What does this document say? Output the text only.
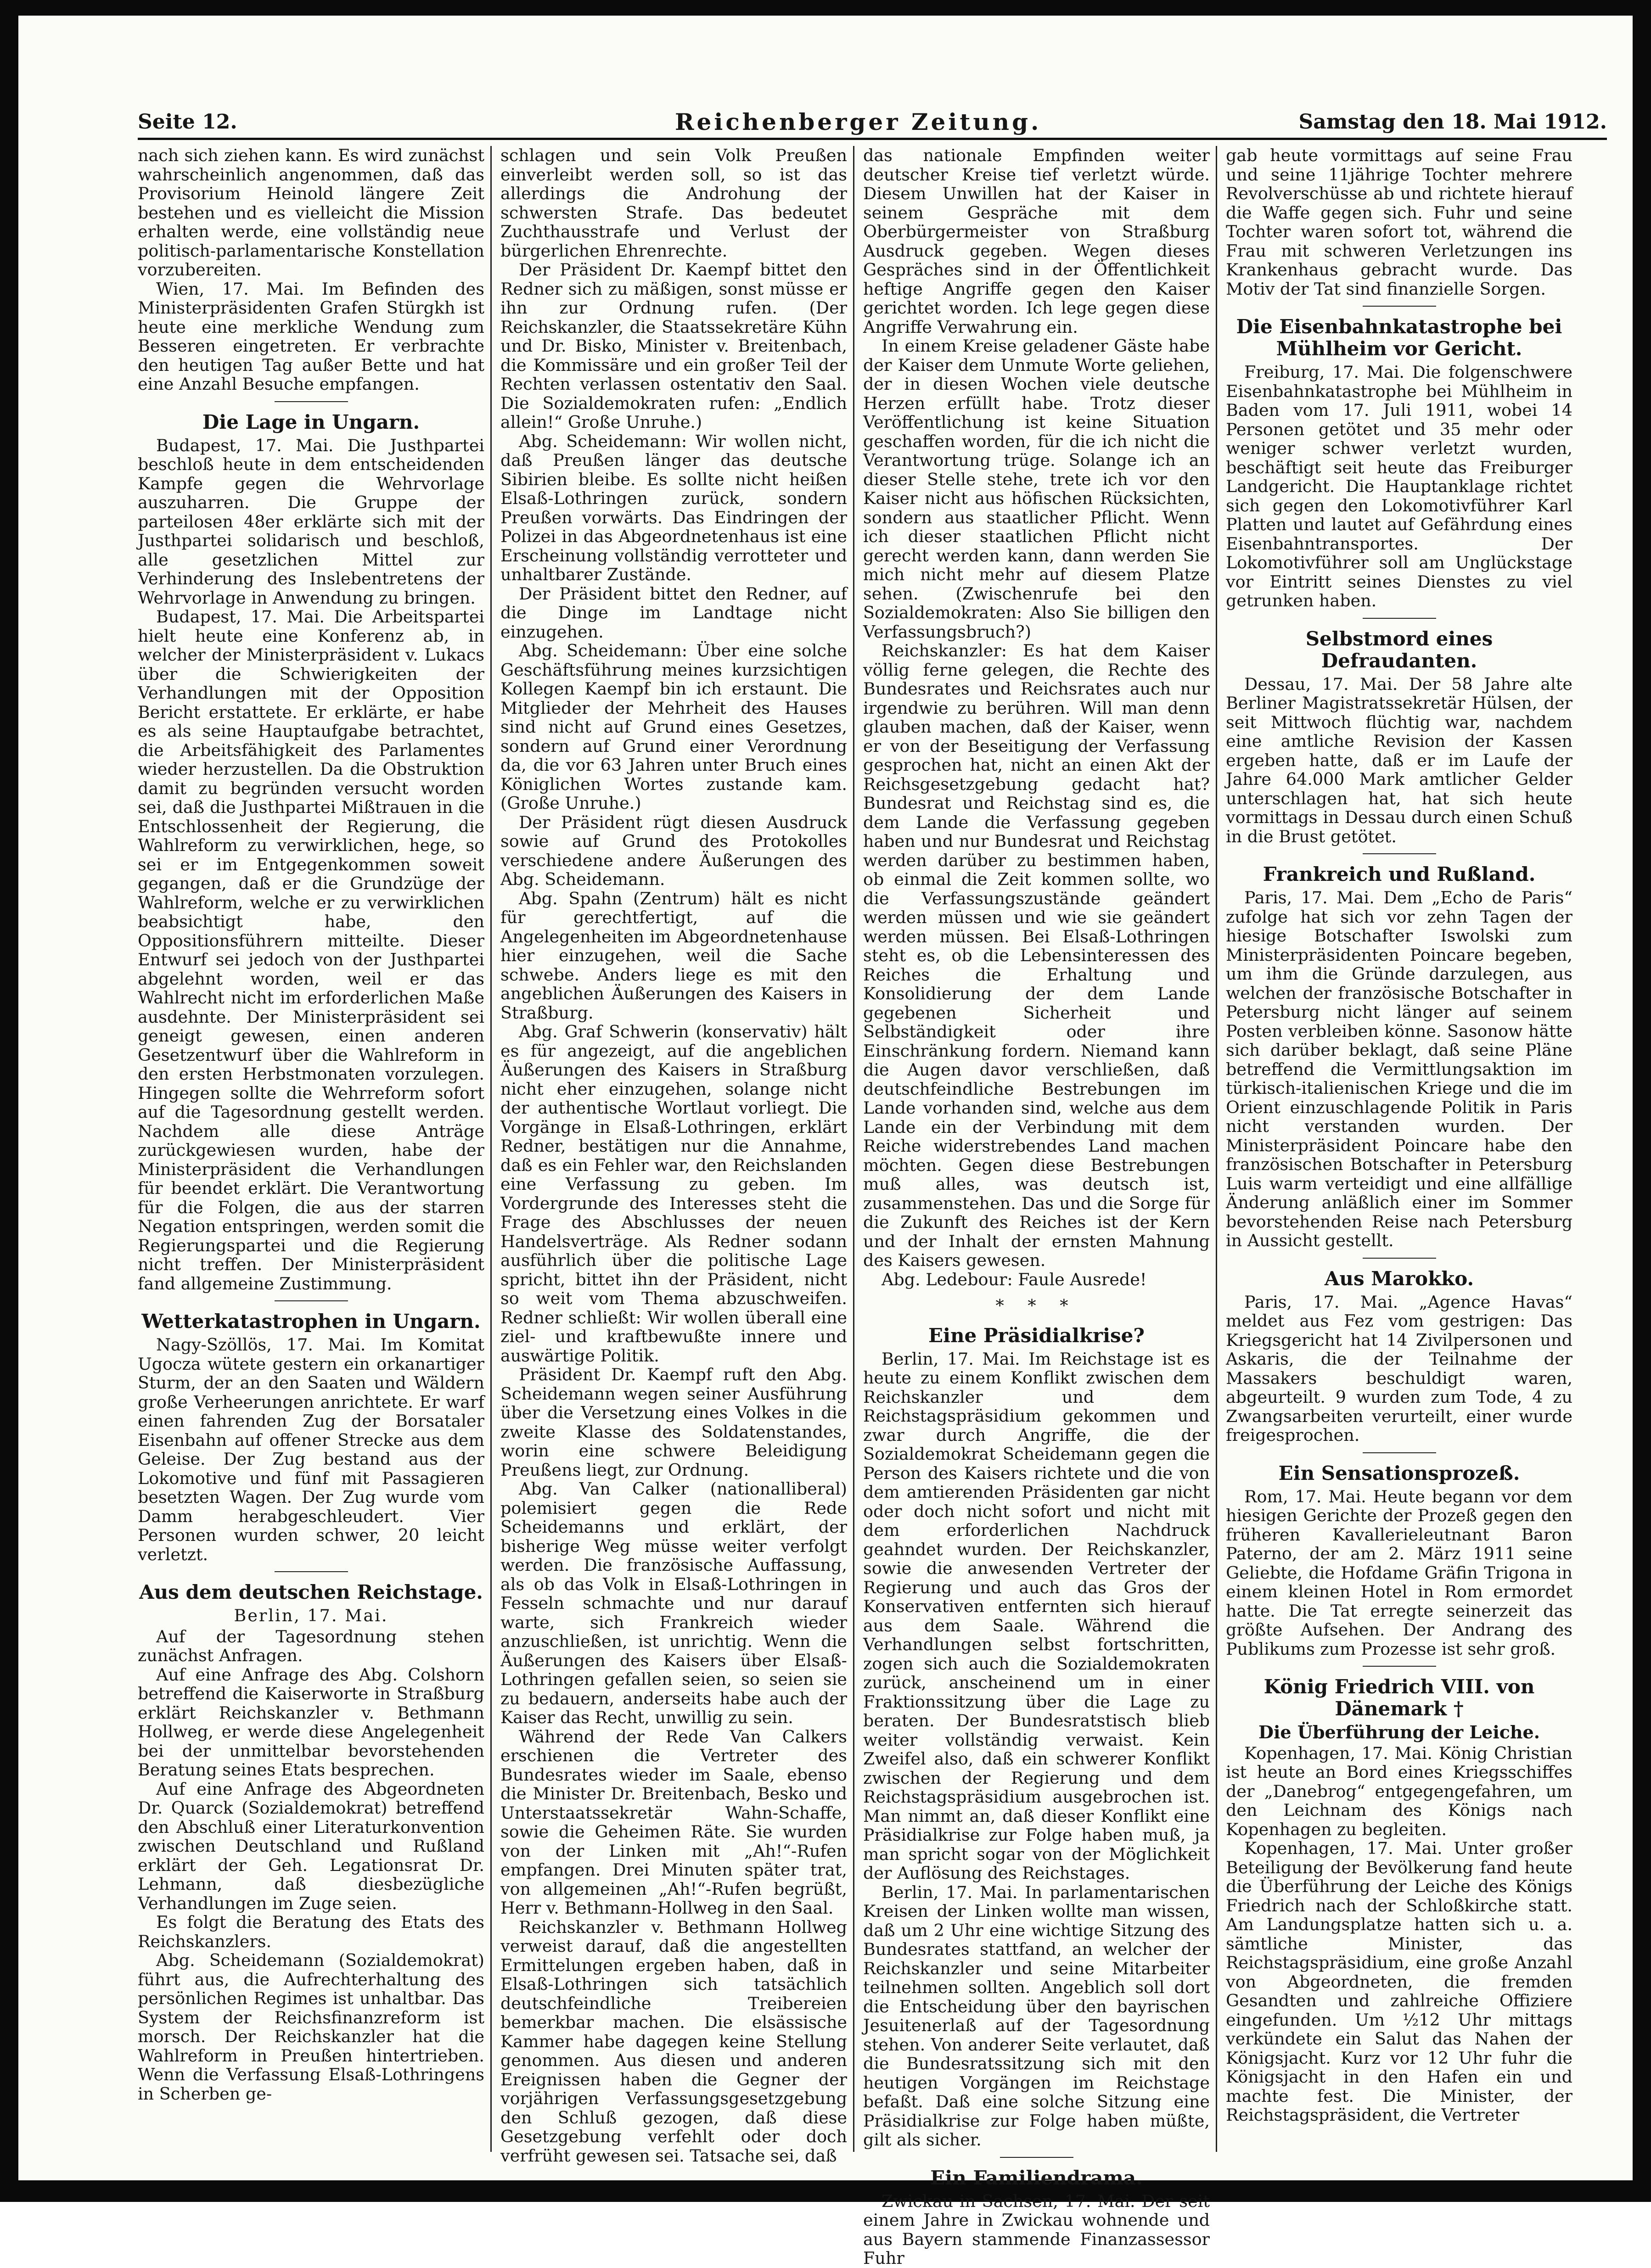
Seite 12.	Reichenberger Zeitung.	Samstag den 18. Mai 1912.

nach sich ziehen kann. Es wird zunächst wahrscheinlich angenommen, daß das Provisorium Heinold längere Zeit bestehen und es vielleicht die Mission erhalten werde, eine vollständig neue politisch-parlamentarische Konstellation vorzubereiten.

Wien, 17. Mai. Im Befinden des Ministerpräsidenten Grafen Stürgkh ist heute eine merkliche Wendung zum Besseren eingetreten. Er verbrachte den heutigen Tag außer Bette und hat eine Anzahl Besuche empfangen.

Die Lage in Ungarn.

Budapest, 17. Mai. Die Justhpartei beschloß heute in dem entscheidenden Kampfe gegen die Wehrvorlage auszuharren. Die Gruppe der parteilosen 48er erklärte sich mit der Justhpartei solidarisch und beschloß, alle gesetzlichen Mittel zur Verhinderung des Inslebentretens der Wehrvorlage in Anwendung zu bringen.

Budapest, 17. Mai. Die Arbeitspartei hielt heute eine Konferenz ab, in welcher der Ministerpräsident v. Lukacs über die Schwierigkeiten der Verhandlungen mit der Opposition Bericht erstattete. Er erklärte, er habe es als seine Hauptaufgabe betrachtet, die Arbeitsfähigkeit des Parlamentes wieder herzustellen. Da die Obstruktion damit zu begründen versucht worden sei, daß die Justhpartei Mißtrauen in die Entschlossenheit der Regierung, die Wahlreform zu verwirklichen, hege, so sei er im Entgegenkommen soweit gegangen, daß er die Grundzüge der Wahlreform, welche er zu verwirklichen beabsichtigt habe, den Oppositionsführern mitteilte. Dieser Entwurf sei jedoch von der Justhpartei abgelehnt worden, weil er das Wahlrecht nicht im erforderlichen Maße ausdehnte. Der Ministerpräsident sei geneigt gewesen, einen anderen Gesetzentwurf über die Wahlreform in den ersten Herbstmonaten vorzulegen. Hingegen sollte die Wehrreform sofort auf die Tagesordnung gestellt werden. Nachdem alle diese Anträge zurückgewiesen wurden, habe der Ministerpräsident die Verhandlungen für beendet erklärt. Die Verantwortung für die Folgen, die aus der starren Negation entspringen, werden somit die Regierungspartei und die Regierung nicht treffen. Der Ministerpräsident fand allgemeine Zustimmung.

Wetterkatastrophen in Ungarn.

Nagy-Szöllös, 17. Mai. Im Komitat Ugocza wütete gestern ein orkanartiger Sturm, der an den Saaten und Wäldern große Verheerungen anrichtete. Er warf einen fahrenden Zug der Borsataler Eisenbahn auf offener Strecke aus dem Geleise. Der Zug bestand aus der Lokomotive und fünf mit Passagieren besetzten Wagen. Der Zug wurde vom Damm herabgeschleudert. Vier Personen wurden schwer, 20 leicht verletzt.

Aus dem deutschen Reichstage.
Berlin, 17. Mai.

Auf der Tagesordnung stehen zunächst Anfragen.

Auf eine Anfrage des Abg. Colshorn betreffend die Kaiserworte in Straßburg erklärt Reichskanzler v. Bethmann Hollweg, er werde diese Angelegenheit bei der unmittelbar bevorstehenden Beratung seines Etats besprechen.

Auf eine Anfrage des Abgeordneten Dr. Quarck (Sozialdemokrat) betreffend den Abschluß einer Literaturkonvention zwischen Deutschland und Rußland erklärt der Geh. Legationsrat Dr. Lehmann, daß diesbezügliche Verhandlungen im Zuge seien.

Es folgt die Beratung des Etats des Reichskanzlers.

Abg. Scheidemann (Sozialdemokrat) führt aus, die Aufrechterhaltung des persönlichen Regimes ist unhaltbar. Das System der Reichsfinanzreform ist morsch. Der Reichskanzler hat die Wahlreform in Preußen hintertrieben. Wenn die Verfassung Elsaß-Lothringens in Scherben ge-

schlagen und sein Volk Preußen einverleibt werden soll, so ist das allerdings die Androhung der schwersten Strafe. Das bedeutet Zuchthausstrafe und Verlust der bürgerlichen Ehrenrechte.

Der Präsident Dr. Kaempf bittet den Redner sich zu mäßigen, sonst müsse er ihn zur Ordnung rufen. (Der Reichskanzler, die Staatssekretäre Kühn und Dr. Bisko, Minister v. Breitenbach, die Kommissäre und ein großer Teil der Rechten verlassen ostentativ den Saal. Die Sozialdemokraten rufen: „Endlich allein!“ Große Unruhe.)

Abg. Scheidemann: Wir wollen nicht, daß Preußen länger das deutsche Sibirien bleibe. Es sollte nicht heißen Elsaß-Lothringen zurück, sondern Preußen vorwärts. Das Eindringen der Polizei in das Abgeordnetenhaus ist eine Erscheinung vollständig verrotteter und unhaltbarer Zustände.

Der Präsident bittet den Redner, auf die Dinge im Landtage nicht einzugehen.

Abg. Scheidemann: Über eine solche Geschäftsführung meines kurzsichtigen Kollegen Kaempf bin ich erstaunt. Die Mitglieder der Mehrheit des Hauses sind nicht auf Grund eines Gesetzes, sondern auf Grund einer Verordnung da, die vor 63 Jahren unter Bruch eines Königlichen Wortes zustande kam. (Große Unruhe.)

Der Präsident rügt diesen Ausdruck sowie auf Grund des Protokolles verschiedene andere Äußerungen des Abg. Scheidemann.

Abg. Spahn (Zentrum) hält es nicht für gerechtfertigt, auf die Angelegenheiten im Abgeordnetenhause hier einzugehen, weil die Sache schwebe. Anders liege es mit den angeblichen Äußerungen des Kaisers in Straßburg.

Abg. Graf Schwerin (konservativ) hält es für angezeigt, auf die angeblichen Äußerungen des Kaisers in Straßburg nicht eher einzugehen, solange nicht der authentische Wortlaut vorliegt. Die Vorgänge in Elsaß-Lothringen, erklärt Redner, bestätigen nur die Annahme, daß es ein Fehler war, den Reichslanden eine Verfassung zu geben. Im Vordergrunde des Interesses steht die Frage des Abschlusses der neuen Handelsverträge. Als Redner sodann ausführlich über die politische Lage spricht, bittet ihn der Präsident, nicht so weit vom Thema abzuschweifen. Redner schließt: Wir wollen überall eine ziel- und kraftbewußte innere und auswärtige Politik.

Präsident Dr. Kaempf ruft den Abg. Scheidemann wegen seiner Ausführung über die Versetzung eines Volkes in die zweite Klasse des Soldatenstandes, worin eine schwere Beleidigung Preußens liegt, zur Ordnung.

Abg. Van Calker (nationalliberal) polemisiert gegen die Rede Scheidemanns und erklärt, der bisherige Weg müsse weiter verfolgt werden. Die französische Auffassung, als ob das Volk in Elsaß-Lothringen in Fesseln schmachte und nur darauf warte, sich Frankreich wieder anzuschließen, ist unrichtig. Wenn die Äußerungen des Kaisers über Elsaß-Lothringen gefallen seien, so seien sie zu bedauern, anderseits habe auch der Kaiser das Recht, unwillig zu sein.

Während der Rede Van Calkers erschienen die Vertreter des Bundesrates wieder im Saale, ebenso die Minister Dr. Breitenbach, Besko und Unterstaatssekretär Wahn-Schaffe, sowie die Geheimen Räte. Sie wurden von der Linken mit „Ah!“-Rufen empfangen. Drei Minuten später trat, von allgemeinen „Ah!“-Rufen begrüßt, Herr v. Bethmann-Hollweg in den Saal.

Reichskanzler v. Bethmann Hollweg verweist darauf, daß die angestellten Ermittelungen ergeben haben, daß in Elsaß-Lothringen sich tatsächlich deutschfeindliche Treibereien bemerkbar machen. Die elsässische Kammer habe dagegen keine Stellung genommen. Aus diesen und anderen Ereignissen haben die Gegner der vorjährigen Verfassungsgesetzgebung den Schluß gezogen, daß diese Gesetzgebung verfehlt oder doch verfrüht gewesen sei. Tatsache sei, daß

das nationale Empfinden weiter deutscher Kreise tief verletzt würde. Diesem Unwillen hat der Kaiser in seinem Gespräche mit dem Oberbürgermeister von Straßburg Ausdruck gegeben. Wegen dieses Gespräches sind in der Öffentlichkeit heftige Angriffe gegen den Kaiser gerichtet worden. Ich lege gegen diese Angriffe Verwahrung ein.

In einem Kreise geladener Gäste habe der Kaiser dem Unmute Worte geliehen, der in diesen Wochen viele deutsche Herzen erfüllt habe. Trotz dieser Veröffentlichung ist keine Situation geschaffen worden, für die ich nicht die Verantwortung trüge. Solange ich an dieser Stelle stehe, trete ich vor den Kaiser nicht aus höfischen Rücksichten, sondern aus staatlicher Pflicht. Wenn ich dieser staatlichen Pflicht nicht gerecht werden kann, dann werden Sie mich nicht mehr auf diesem Platze sehen. (Zwischenrufe bei den Sozialdemokraten: Also Sie billigen den Verfassungsbruch?)

Reichskanzler: Es hat dem Kaiser völlig ferne gelegen, die Rechte des Bundesrates und Reichsrates auch nur irgendwie zu berühren. Will man denn glauben machen, daß der Kaiser, wenn er von der Beseitigung der Verfassung gesprochen hat, nicht an einen Akt der Reichsgesetzgebung gedacht hat? Bundesrat und Reichstag sind es, die dem Lande die Verfassung gegeben haben und nur Bundesrat und Reichstag werden darüber zu bestimmen haben, ob einmal die Zeit kommen sollte, wo die Verfassungszustände geändert werden müssen und wie sie geändert werden müssen. Bei Elsaß-Lothringen steht es, ob die Lebensinteressen des Reiches die Erhaltung und Konsolidierung der dem Lande gegebenen Sicherheit und Selbständigkeit oder ihre Einschränkung fordern. Niemand kann die Augen davor verschließen, daß deutschfeindliche Bestrebungen im Lande vorhanden sind, welche aus dem Lande ein der Verbindung mit dem Reiche widerstrebendes Land machen möchten. Gegen diese Bestrebungen muß alles, was deutsch ist, zusammenstehen. Das und die Sorge für die Zukunft des Reiches ist der Kern und der Inhalt der ernsten Mahnung des Kaisers gewesen.

Abg. Ledebour: Faule Ausrede!

* * *
Eine Präsidialkrise?

Berlin, 17. Mai. Im Reichstage ist es heute zu einem Konflikt zwischen dem Reichskanzler und dem Reichstagspräsidium gekommen und zwar durch Angriffe, die der Sozialdemokrat Scheidemann gegen die Person des Kaisers richtete und die von dem amtierenden Präsidenten gar nicht oder doch nicht sofort und nicht mit dem erforderlichen Nachdruck geahndet wurden. Der Reichskanzler, sowie die anwesenden Vertreter der Regierung und auch das Gros der Konservativen entfernten sich hierauf aus dem Saale. Während die Verhandlungen selbst fortschritten, zogen sich auch die Sozialdemokraten zurück, anscheinend um in einer Fraktionssitzung über die Lage zu beraten. Der Bundesratstisch blieb weiter vollständig verwaist. Kein Zweifel also, daß ein schwerer Konflikt zwischen der Regierung und dem Reichstagspräsidium ausgebrochen ist. Man nimmt an, daß dieser Konflikt eine Präsidialkrise zur Folge haben muß, ja man spricht sogar von der Möglichkeit der Auflösung des Reichstages.

Berlin, 17. Mai. In parlamentarischen Kreisen der Linken wollte man wissen, daß um 2 Uhr eine wichtige Sitzung des Bundesrates stattfand, an welcher der Reichskanzler und seine Mitarbeiter teilnehmen sollten. Angeblich soll dort die Entscheidung über den bayrischen Jesuitenerlaß auf der Tagesordnung stehen. Von anderer Seite verlautet, daß die Bundesratssitzung sich mit den heutigen Vorgängen im Reichstage befaßt. Daß eine solche Sitzung eine Präsidialkrise zur Folge haben müßte, gilt als sicher.

Ein Familiendrama.

Zwickau in Sachsen, 17. Mai. Der seit einem Jahre in Zwickau wohnende und aus Bayern stammende Finanzassessor Fuhr

gab heute vormittags auf seine Frau und seine 11jährige Tochter mehrere Revolverschüsse ab und richtete hierauf die Waffe gegen sich. Fuhr und seine Tochter waren sofort tot, während die Frau mit schweren Verletzungen ins Krankenhaus gebracht wurde. Das Motiv der Tat sind finanzielle Sorgen.

Die Eisenbahnkatastrophe bei Mühlheim vor Gericht.

Freiburg, 17. Mai. Die folgenschwere Eisenbahnkatastrophe bei Mühlheim in Baden vom 17. Juli 1911, wobei 14 Personen getötet und 35 mehr oder weniger schwer verletzt wurden, beschäftigt seit heute das Freiburger Landgericht. Die Hauptanklage richtet sich gegen den Lokomotivführer Karl Platten und lautet auf Gefährdung eines Eisenbahntransportes. Der Lokomotivführer soll am Unglückstage vor Eintritt seines Dienstes zu viel getrunken haben.

Selbstmord eines Defraudanten.

Dessau, 17. Mai. Der 58 Jahre alte Berliner Magistratssekretär Hülsen, der seit Mittwoch flüchtig war, nachdem eine amtliche Revision der Kassen ergeben hatte, daß er im Laufe der Jahre 64.000 Mark amtlicher Gelder unterschlagen hat, hat sich heute vormittags in Dessau durch einen Schuß in die Brust getötet.

Frankreich und Rußland.

Paris, 17. Mai. Dem „Echo de Paris“ zufolge hat sich vor zehn Tagen der hiesige Botschafter Iswolski zum Ministerpräsidenten Poincare begeben, um ihm die Gründe darzulegen, aus welchen der französische Botschafter in Petersburg nicht länger auf seinem Posten verbleiben könne. Sasonow hätte sich darüber beklagt, daß seine Pläne betreffend die Vermittlungsaktion im türkisch-italienischen Kriege und die im Orient einzuschlagende Politik in Paris nicht verstanden wurden. Der Ministerpräsident Poincare habe den französischen Botschafter in Petersburg Luis warm verteidigt und eine allfällige Änderung anläßlich einer im Sommer bevorstehenden Reise nach Petersburg in Aussicht gestellt.

Aus Marokko.

Paris, 17. Mai. „Agence Havas“ meldet aus Fez vom gestrigen: Das Kriegsgericht hat 14 Zivilpersonen und Askaris, die der Teilnahme der Massakers beschuldigt waren, abgeurteilt. 9 wurden zum Tode, 4 zu Zwangsarbeiten verurteilt, einer wurde freigesprochen.

Ein Sensationsprozeß.

Rom, 17. Mai. Heute begann vor dem hiesigen Gerichte der Prozeß gegen den früheren Kavallerieleutnant Baron Paterno, der am 2. März 1911 seine Geliebte, die Hofdame Gräfin Trigona in einem kleinen Hotel in Rom ermordet hatte. Die Tat erregte seinerzeit das größte Aufsehen. Der Andrang des Publikums zum Prozesse ist sehr groß.

König Friedrich VIII. von Dänemark †
Die Überführung der Leiche.

Kopenhagen, 17. Mai. König Christian ist heute an Bord eines Kriegsschiffes der „Danebrog“ entgegengefahren, um den Leichnam des Königs nach Kopenhagen zu begleiten.

Kopenhagen, 17. Mai. Unter großer Beteiligung der Bevölkerung fand heute die Überführung der Leiche des Königs Friedrich nach der Schloßkirche statt. Am Landungsplatze hatten sich u. a. sämtliche Minister, das Reichstagspräsidium, eine große Anzahl von Abgeordneten, die fremden Gesandten und zahlreiche Offiziere eingefunden. Um ½12 Uhr mittags verkündete ein Salut das Nahen der Königsjacht. Kurz vor 12 Uhr fuhr die Königsjacht in den Hafen ein und machte fest. Die Minister, der Reichstagspräsident, die Vertreter
